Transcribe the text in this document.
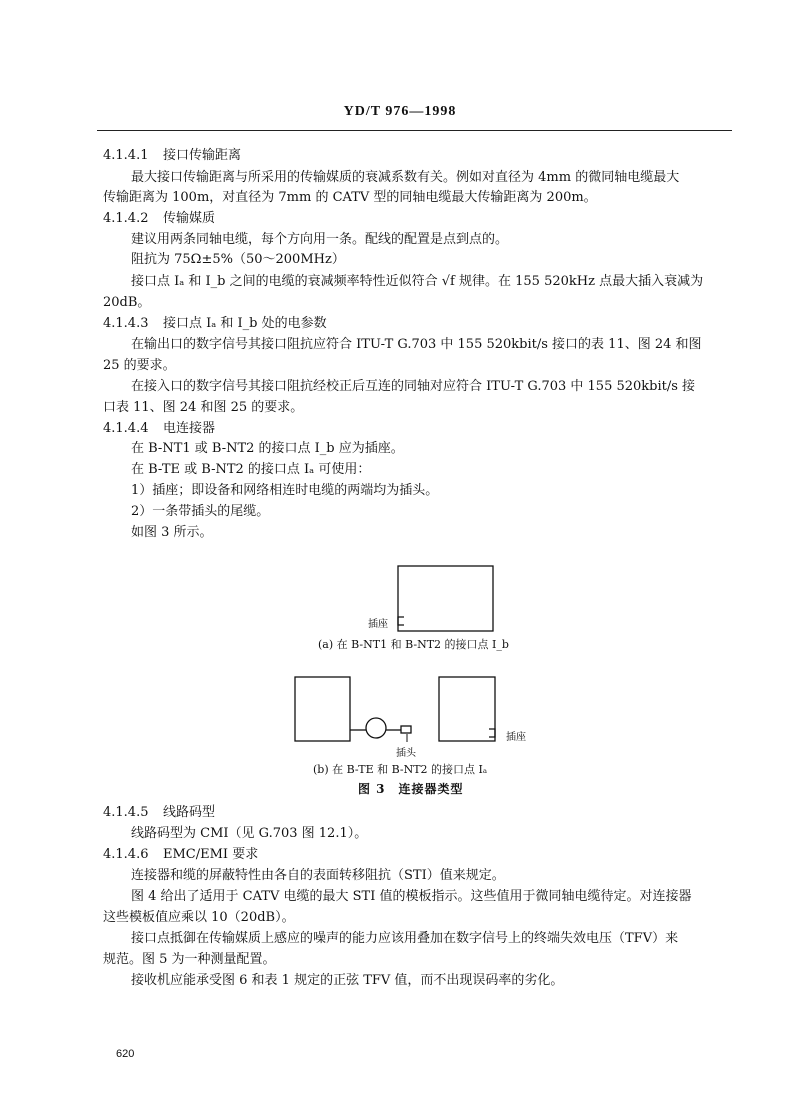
YD/T 976—1998
4.1.4.1 接口传输距离
最大接口传输距离与所采用的传输媒质的衰减系数有关。例如对直径为 4mm 的微同轴电缆最大
传输距离为 100m，对直径为 7mm 的 CATV 型的同轴电缆最大传输距离为 200m。
4.1.4.2 传输媒质
建议用两条同轴电缆，每个方向用一条。配线的配置是点到点的。
阻抗为 75Ω±5%（50～200MHz）
接口点 Iₐ 和 I_b 之间的电缆的衰减频率特性近似符合 √f 规律。在 155 520kHz 点最大插入衰减为
20dB。
4.1.4.3 接口点 Iₐ 和 I_b 处的电参数
在输出口的数字信号其接口阻抗应符合 ITU-T G.703 中 155 520kbit/s 接口的表 11、图 24 和图
25 的要求。
在接入口的数字信号其接口阻抗经校正后互连的同轴对应符合 ITU-T G.703 中 155 520kbit/s 接
口表 11、图 24 和图 25 的要求。
4.1.4.4 电连接器
在 B-NT1 或 B-NT2 的接口点 I_b 应为插座。
在 B-TE 或 B-NT2 的接口点 Iₐ 可使用：
1）插座；即设备和网络相连时电缆的两端均为插头。
2）一条带插头的尾缆。
如图 3 所示。
插座
(a) 在 B-NT1 和 B-NT2 的接口点 I_b
插头
插座
(b) 在 B-TE 和 B-NT2 的接口点 Iₐ
图 3　连接器类型
4.1.4.5 线路码型
线路码型为 CMI（见 G.703 图 12.1）。
4.1.4.6 EMC/EMI 要求
连接器和缆的屏蔽特性由各自的表面转移阻抗（STI）值来规定。
图 4 给出了适用于 CATV 电缆的最大 STI 值的模板指示。这些值用于微同轴电缆待定。对连接器
这些模板值应乘以 10（20dB）。
接口点抵御在传输媒质上感应的噪声的能力应该用叠加在数字信号上的终端失效电压（TFV）来
规范。图 5 为一种测量配置。
接收机应能承受图 6 和表 1 规定的正弦 TFV 值，而不出现误码率的劣化。
620
